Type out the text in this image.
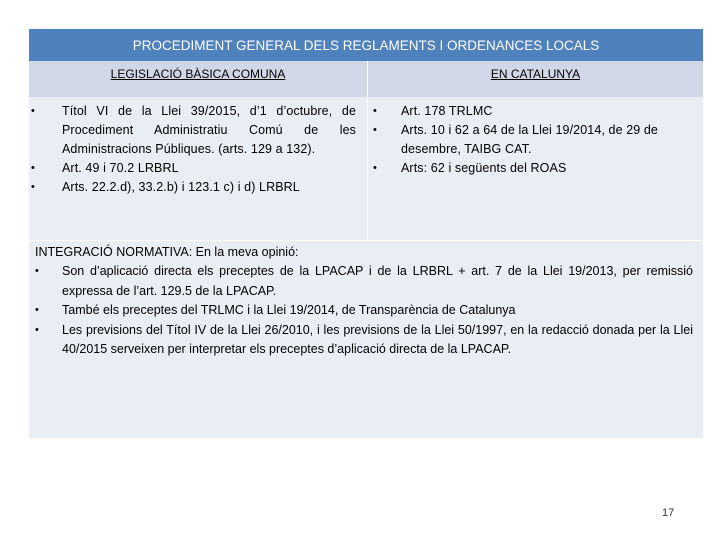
PROCEDIMENT GENERAL DELS REGLAMENTS I ORDENANCES LOCALS
LEGISLACIÓ BÀSICA COMUNA	EN CATALUNYA
• Títol VI de la Llei 39/2015, d’1 d’octubre, de Procediment Administratiu Comú de les Administracions Públiques. (arts. 129 a 132).

• Art. 49 i 70.2 LRBRL

• Arts. 22.2.d), 33.2.b) i 123.1 c) i d) LRBRL

• Art. 178 TRLMC

• Arts. 10 i 62 a 64 de la Llei 19/2014, de 29 de desembre, TAIBG CAT.

• Arts: 62 i següents del ROAS

INTEGRACIÓ NORMATIVA: En la meva opinió:
• Son d’aplicació directa els preceptes de la LPACAP i de la LRBRL + art. 7 de la Llei 19/2013, per remissió expressa de l’art. 129.5 de la LPACAP.

• També els preceptes del TRLMC i la Llei 19/2014, de Transparència de Catalunya

• Les previsions del Títol IV de la Llei 26/2010, i les previsions de la Llei 50/1997, en la redacció donada per la Llei 40/2015 serveixen per interpretar els preceptes d’aplicació directa de la LPACAP.

17
